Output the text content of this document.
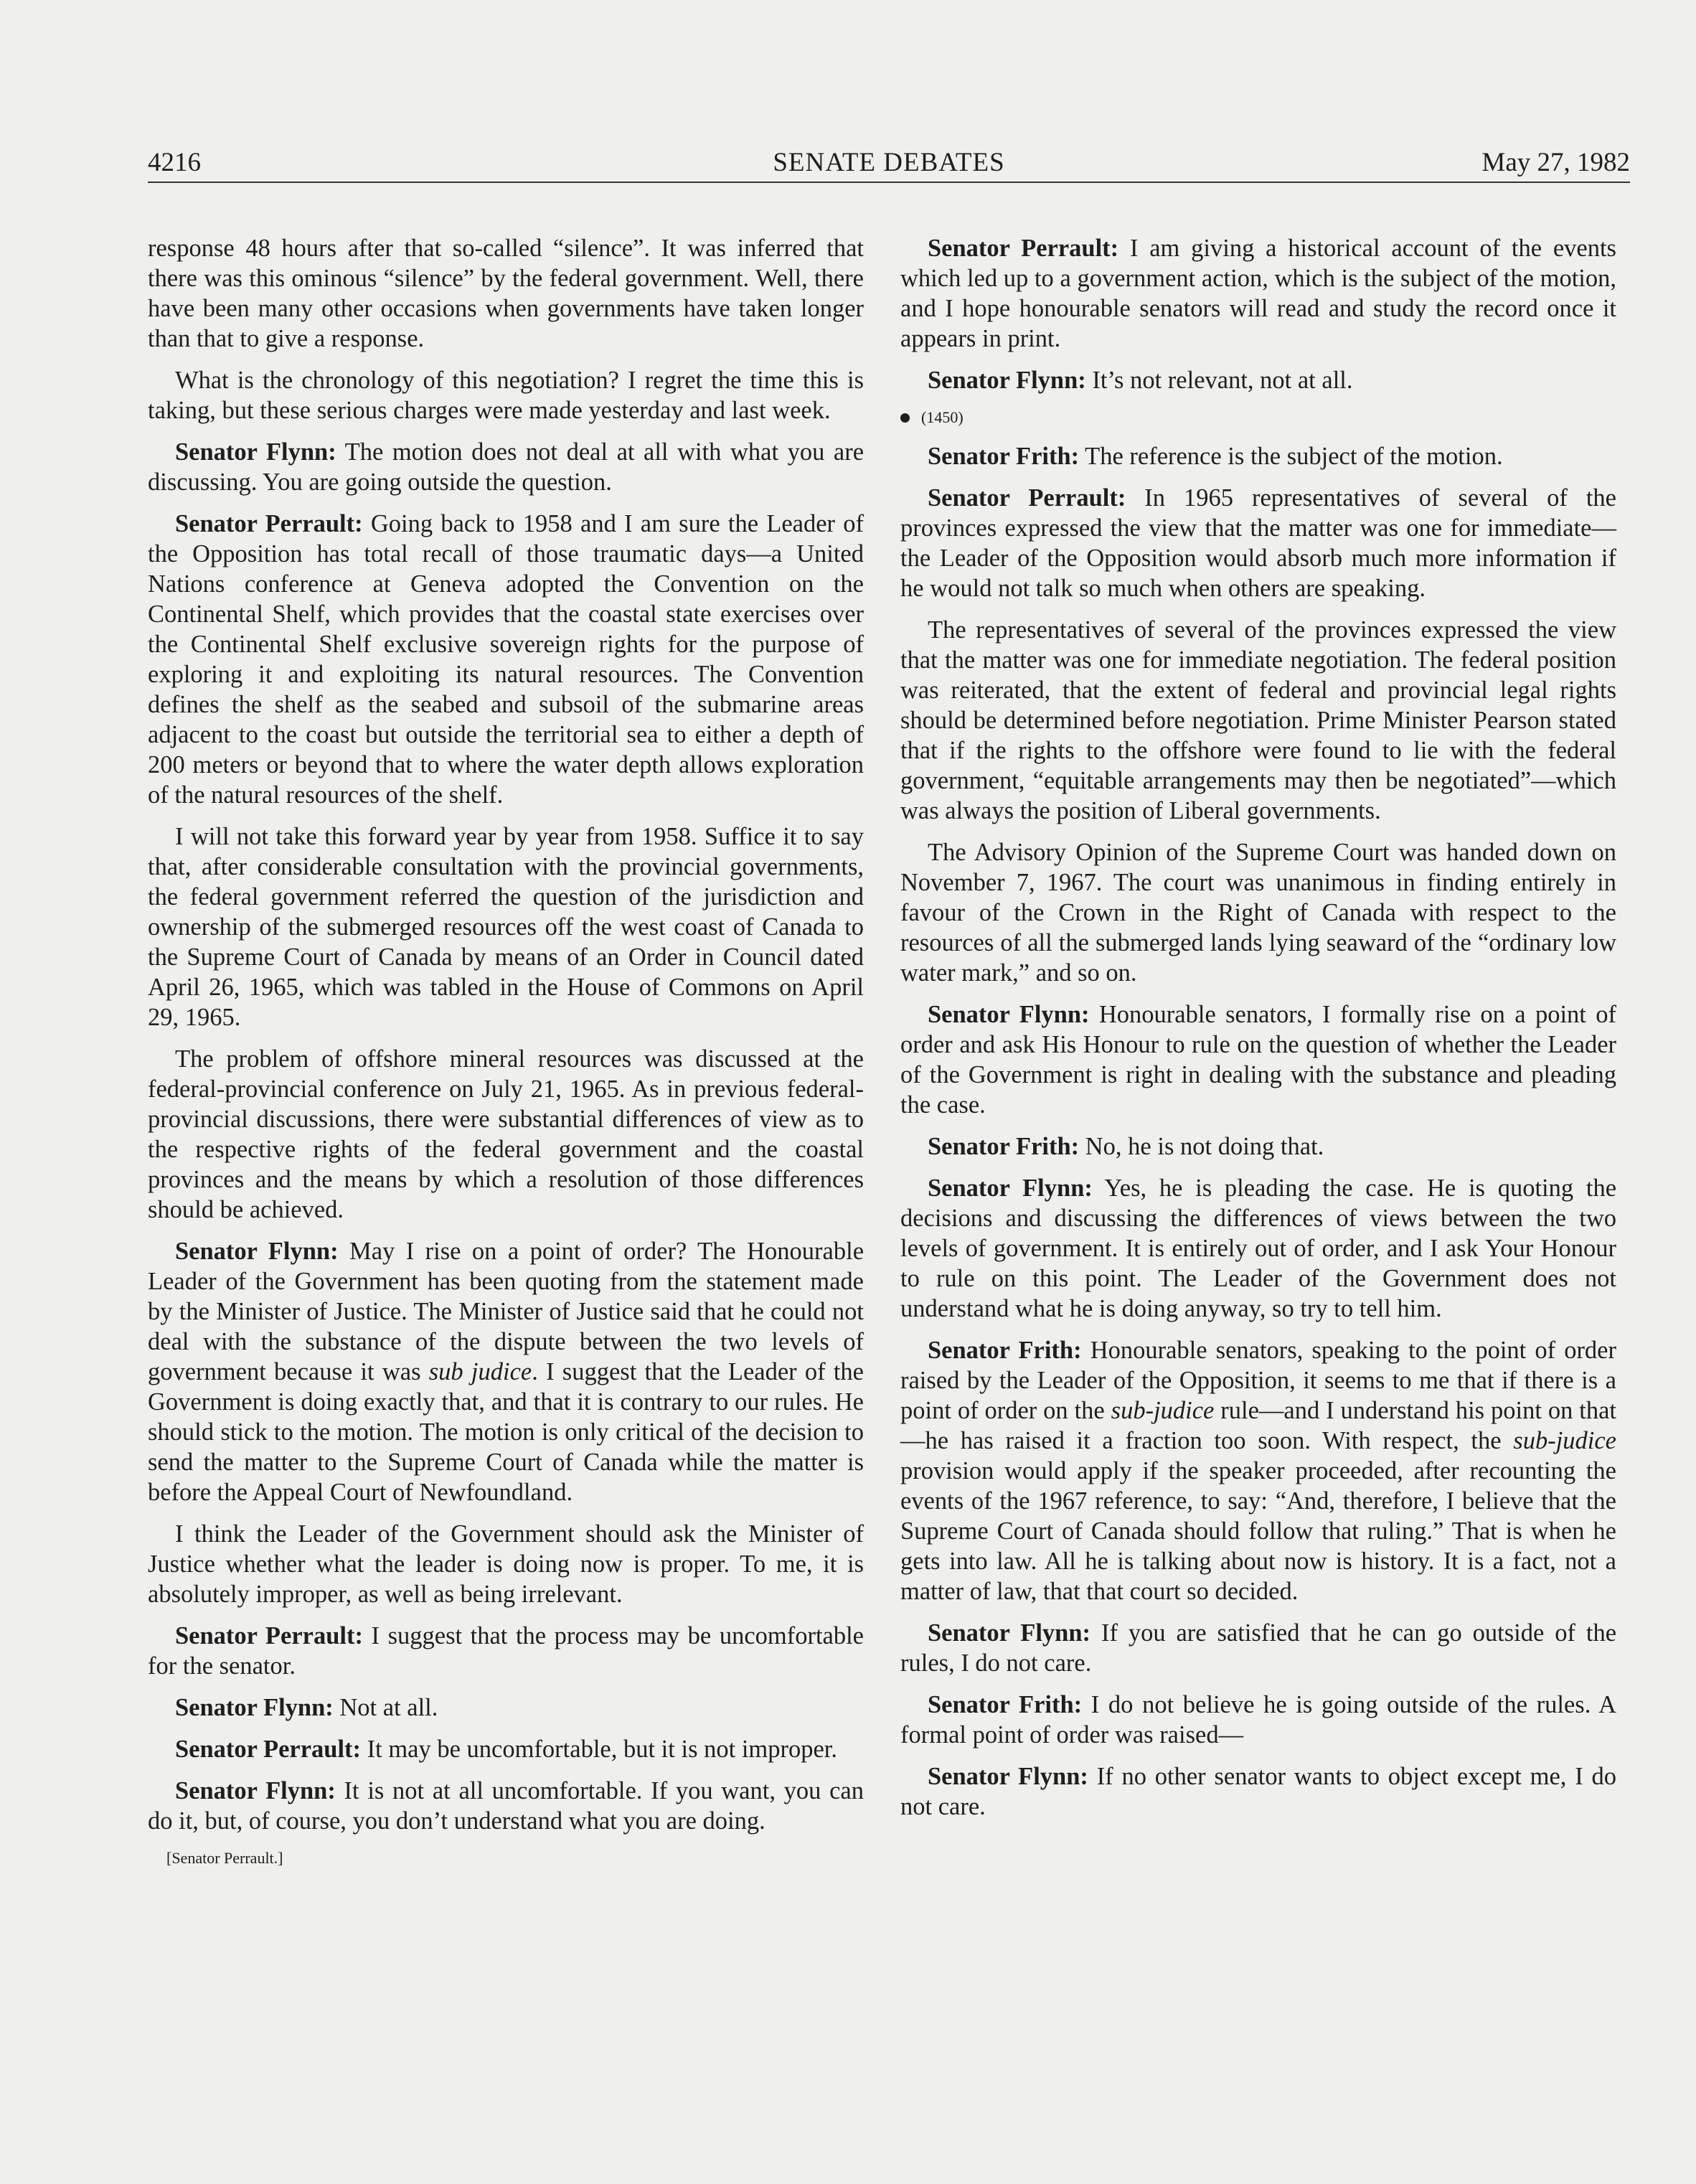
4216	SENATE DEBATES	May 27, 1982

response 48 hours after that so-called “silence”. It was inferred that there was this ominous “silence” by the federal government. Well, there have been many other occasions when governments have taken longer than that to give a response.

What is the chronology of this negotiation? I regret the time this is taking, but these serious charges were made yesterday and last week.

Senator Flynn: The motion does not deal at all with what you are discussing. You are going outside the question.

Senator Perrault: Going back to 1958 and I am sure the Leader of the Opposition has total recall of those traumatic days—a United Nations conference at Geneva adopted the Convention on the Continental Shelf, which provides that the coastal state exercises over the Continental Shelf exclusive sovereign rights for the purpose of exploring it and exploiting its natural resources. The Convention defines the shelf as the seabed and subsoil of the submarine areas adjacent to the coast but outside the territorial sea to either a depth of 200 meters or beyond that to where the water depth allows exploration of the natural resources of the shelf.

I will not take this forward year by year from 1958. Suffice it to say that, after considerable consultation with the provincial governments, the federal government referred the question of the jurisdiction and ownership of the submerged resources off the west coast of Canada to the Supreme Court of Canada by means of an Order in Council dated April 26, 1965, which was tabled in the House of Commons on April 29, 1965.

The problem of offshore mineral resources was discussed at the federal-provincial conference on July 21, 1965. As in previous federal-provincial discussions, there were substantial differences of view as to the respective rights of the federal government and the coastal provinces and the means by which a resolution of those differences should be achieved.

Senator Flynn: May I rise on a point of order? The Honourable Leader of the Government has been quoting from the statement made by the Minister of Justice. The Minister of Justice said that he could not deal with the substance of the dispute between the two levels of government because it was sub judice. I suggest that the Leader of the Government is doing exactly that, and that it is contrary to our rules. He should stick to the motion. The motion is only critical of the decision to send the matter to the Supreme Court of Canada while the matter is before the Appeal Court of Newfoundland.

I think the Leader of the Government should ask the Minister of Justice whether what the leader is doing now is proper. To me, it is absolutely improper, as well as being irrelevant.

Senator Perrault: I suggest that the process may be uncomfortable for the senator.

Senator Flynn: Not at all.

Senator Perrault: It may be uncomfortable, but it is not improper.

Senator Flynn: It is not at all uncomfortable. If you want, you can do it, but, of course, you don’t understand what you are doing.

[Senator Perrault.]

Senator Perrault: I am giving a historical account of the events which led up to a government action, which is the subject of the motion, and I hope honourable senators will read and study the record once it appears in print.

Senator Flynn: It’s not relevant, not at all.

(1450)

Senator Frith: The reference is the subject of the motion.

Senator Perrault: In 1965 representatives of several of the provinces expressed the view that the matter was one for immediate—the Leader of the Opposition would absorb much more information if he would not talk so much when others are speaking.

The representatives of several of the provinces expressed the view that the matter was one for immediate negotiation. The federal position was reiterated, that the extent of federal and provincial legal rights should be determined before negotiation. Prime Minister Pearson stated that if the rights to the offshore were found to lie with the federal government, “equitable arrangements may then be negotiated”—which was always the position of Liberal governments.

The Advisory Opinion of the Supreme Court was handed down on November 7, 1967. The court was unanimous in finding entirely in favour of the Crown in the Right of Canada with respect to the resources of all the submerged lands lying seaward of the “ordinary low water mark,” and so on.

Senator Flynn: Honourable senators, I formally rise on a point of order and ask His Honour to rule on the question of whether the Leader of the Government is right in dealing with the substance and pleading the case.

Senator Frith: No, he is not doing that.

Senator Flynn: Yes, he is pleading the case. He is quoting the decisions and discussing the differences of views between the two levels of government. It is entirely out of order, and I ask Your Honour to rule on this point. The Leader of the Government does not understand what he is doing anyway, so try to tell him.

Senator Frith: Honourable senators, speaking to the point of order raised by the Leader of the Opposition, it seems to me that if there is a point of order on the sub-judice rule—and I understand his point on that—he has raised it a fraction too soon. With respect, the sub-judice provision would apply if the speaker proceeded, after recounting the events of the 1967 reference, to say: “And, therefore, I believe that the Supreme Court of Canada should follow that ruling.” That is when he gets into law. All he is talking about now is history. It is a fact, not a matter of law, that that court so decided.

Senator Flynn: If you are satisfied that he can go outside of the rules, I do not care.

Senator Frith: I do not believe he is going outside of the rules. A formal point of order was raised—

Senator Flynn: If no other senator wants to object except me, I do not care.
